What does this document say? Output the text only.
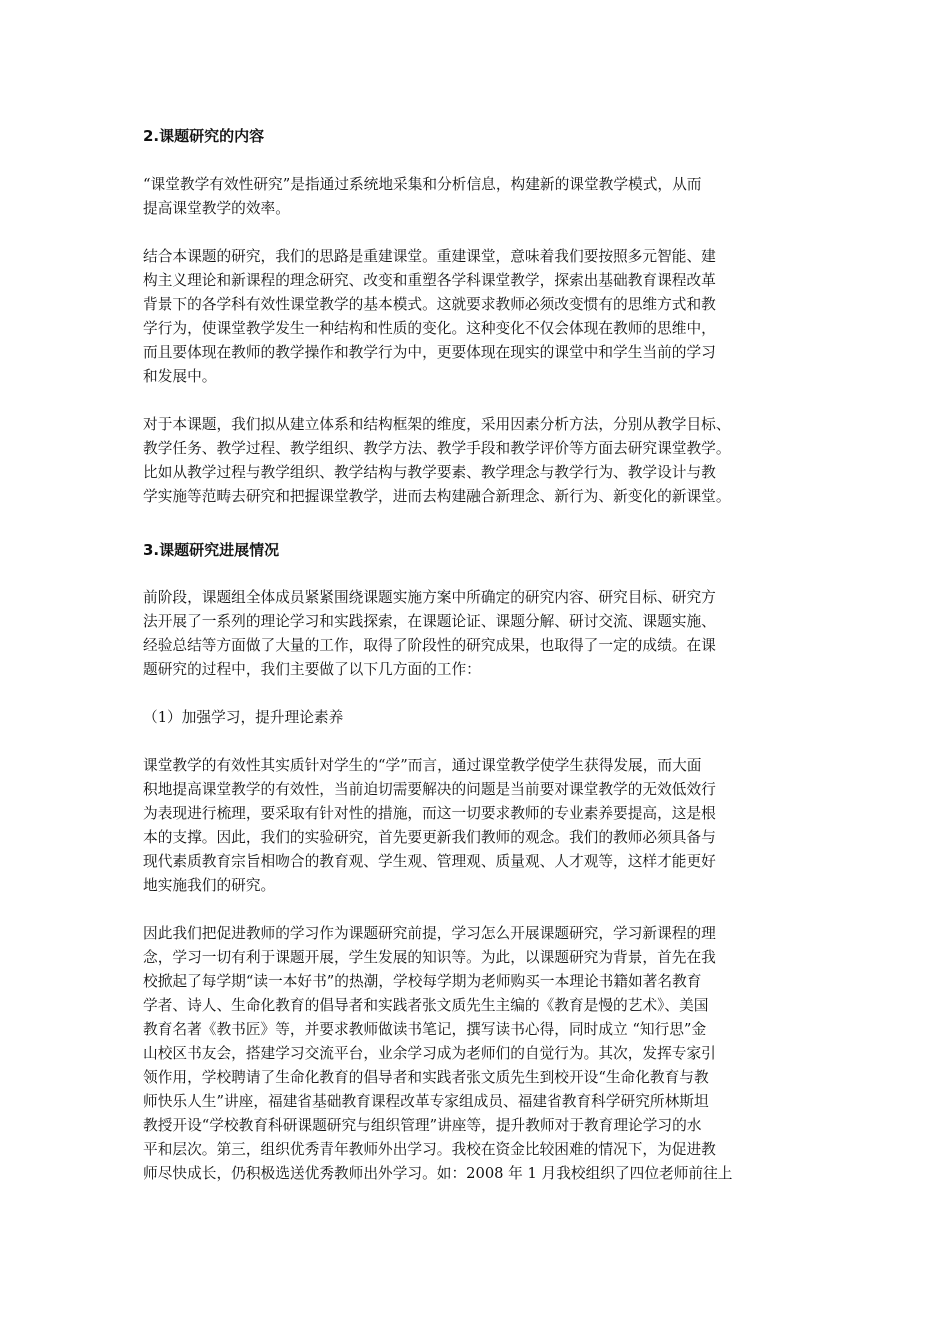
2.课题研究的内容
“课堂教学有效性研究”是指通过系统地采集和分析信息，构建新的课堂教学模式，从而
提高课堂教学的效率。
结合本课题的研究，我们的思路是重建课堂。重建课堂，意味着我们要按照多元智能、建
构主义理论和新课程的理念研究、改变和重塑各学科课堂教学，探索出基础教育课程改革
背景下的各学科有效性课堂教学的基本模式。这就要求教师必须改变惯有的思维方式和教
学行为，使课堂教学发生一种结构和性质的变化。这种变化不仅会体现在教师的思维中，
而且要体现在教师的教学操作和教学行为中，更要体现在现实的课堂中和学生当前的学习
和发展中。
对于本课题，我们拟从建立体系和结构框架的维度，采用因素分析方法，分别从教学目标、
教学任务、教学过程、教学组织、教学方法、教学手段和教学评价等方面去研究课堂教学。
比如从教学过程与教学组织、教学结构与教学要素、教学理念与教学行为、教学设计与教
学实施等范畴去研究和把握课堂教学，进而去构建融合新理念、新行为、新变化的新课堂。
3.课题研究进展情况
前阶段，课题组全体成员紧紧围绕课题实施方案中所确定的研究内容、研究目标、研究方
法开展了一系列的理论学习和实践探索，在课题论证、课题分解、研讨交流、课题实施、
经验总结等方面做了大量的工作，取得了阶段性的研究成果，也取得了一定的成绩。在课
题研究的过程中，我们主要做了以下几方面的工作：
（1）加强学习，提升理论素养
课堂教学的有效性其实质针对学生的“学”而言，通过课堂教学使学生获得发展，而大面
积地提高课堂教学的有效性，当前迫切需要解决的问题是当前要对课堂教学的无效低效行
为表现进行梳理，要采取有针对性的措施，而这一切要求教师的专业素养要提高，这是根
本的支撑。因此，我们的实验研究，首先要更新我们教师的观念。我们的教师必须具备与
现代素质教育宗旨相吻合的教育观、学生观、管理观、质量观、人才观等，这样才能更好
地实施我们的研究。
因此我们把促进教师的学习作为课题研究前提，学习怎么开展课题研究，学习新课程的理
念，学习一切有利于课题开展，学生发展的知识等。为此，以课题研究为背景，首先在我
校掀起了每学期“读一本好书”的热潮，学校每学期为老师购买一本理论书籍如著名教育
学者、诗人、生命化教育的倡导者和实践者张文质先生主编的《教育是慢的艺术》、美国
教育名著《教书匠》等，并要求教师做读书笔记，撰写读书心得，同时成立 “知行思”金
山校区书友会，搭建学习交流平台，业余学习成为老师们的自觉行为。其次，发挥专家引
领作用，学校聘请了生命化教育的倡导者和实践者张文质先生到校开设“生命化教育与教
师快乐人生”讲座，福建省基础教育课程改革专家组成员、福建省教育科学研究所林斯坦
教授开设“学校教育科研课题研究与组织管理”讲座等，提升教师对于教育理论学习的水
平和层次。第三，组织优秀青年教师外出学习。我校在资金比较困难的情况下，为促进教
师尽快成长，仍积极选送优秀教师出外学习。如：2008 年 1 月我校组织了四位老师前往上
